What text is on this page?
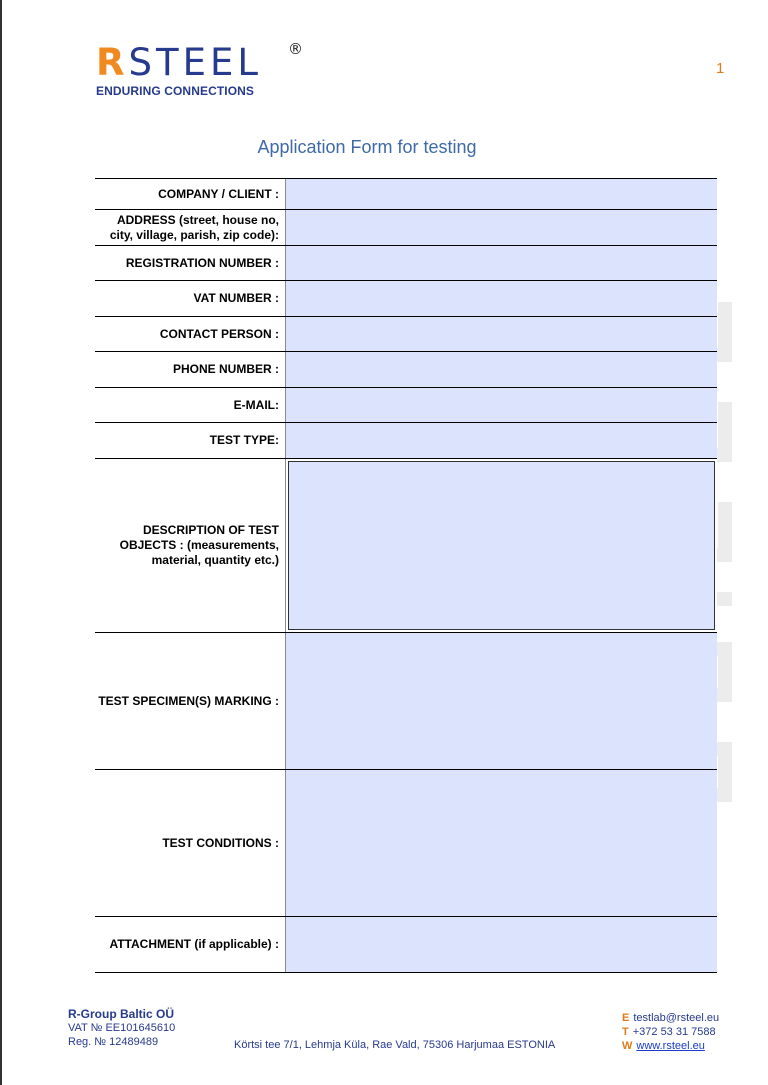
RSTEEL ®
ENDURING CONNECTIONS
1
Application Form for testing
COMPANY / CLIENT :
ADDRESS (street, house no, city, village, parish, zip code):
REGISTRATION NUMBER :
VAT NUMBER :
CONTACT PERSON :
PHONE NUMBER :
E-MAIL:
TEST TYPE:
DESCRIPTION OF TEST OBJECTS : (measurements, material, quantity etc.)
TEST SPECIMEN(S) MARKING :
TEST CONDITIONS :
ATTACHMENT (if applicable) :
R-Group Baltic OÜ
VAT № EE101645610
Reg. № 12489489	Körtsi tee 7/1, Lehmja Küla, Rae Vald, 75306 Harjumaa ESTONIA
E testlab@rsteel.eu
T +372 53 31 7588
W www.rsteel.eu
